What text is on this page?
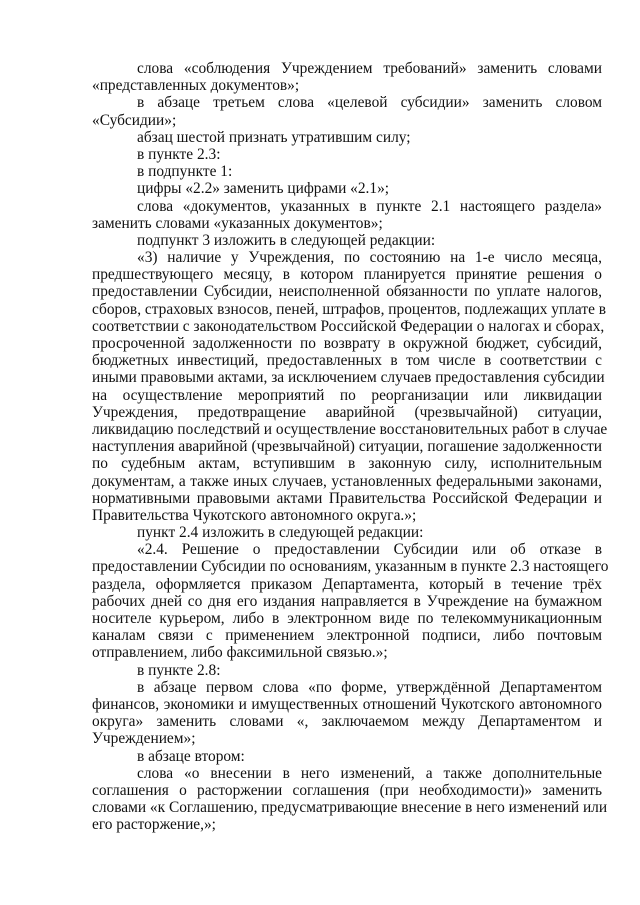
слова «соблюдения Учреждением требований» заменить словами
«представленных документов»;
в абзаце третьем слова «целевой субсидии» заменить словом
«Субсидии»;
абзац шестой признать утратившим силу;
в пункте 2.3:
в подпункте 1:
цифры «2.2» заменить цифрами «2.1»;
слова «документов, указанных в пункте 2.1 настоящего раздела»
заменить словами «указанных документов»;
подпункт 3 изложить в следующей редакции:
«3) наличие у Учреждения, по состоянию на 1-е число месяца,
предшествующего месяцу, в котором планируется принятие решения о
предоставлении Субсидии, неисполненной обязанности по уплате налогов,
сборов, страховых взносов, пеней, штрафов, процентов, подлежащих уплате в
соответствии с законодательством Российской Федерации о налогах и сборах,
просроченной задолженности по возврату в окружной бюджет, субсидий,
бюджетных инвестиций, предоставленных в том числе в соответствии с
иными правовыми актами, за исключением случаев предоставления субсидии
на осуществление мероприятий по реорганизации или ликвидации
Учреждения, предотвращение аварийной (чрезвычайной) ситуации,
ликвидацию последствий и осуществление восстановительных работ в случае
наступления аварийной (чрезвычайной) ситуации, погашение задолженности
по судебным актам, вступившим в законную силу, исполнительным
документам, а также иных случаев, установленных федеральными законами,
нормативными правовыми актами Правительства Российской Федерации и
Правительства Чукотского автономного округа.»;
пункт 2.4 изложить в следующей редакции:
«2.4. Решение о предоставлении Субсидии или об отказе в
предоставлении Субсидии по основаниям, указанным в пункте 2.3 настоящего
раздела, оформляется приказом Департамента, который в течение трёх
рабочих дней со дня его издания направляется в Учреждение на бумажном
носителе курьером, либо в электронном виде по телекоммуникационным
каналам связи с применением электронной подписи, либо почтовым
отправлением, либо факсимильной связью.»;
в пункте 2.8:
в абзаце первом слова «по форме, утверждённой Департаментом
финансов, экономики и имущественных отношений Чукотского автономного
округа» заменить словами «, заключаемом между Департаментом и
Учреждением»;
в абзаце втором:
слова «о внесении в него изменений, а также дополнительные
соглашения о расторжении соглашения (при необходимости)» заменить
словами «к Соглашению, предусматривающие внесение в него изменений или
его расторжение,»;
